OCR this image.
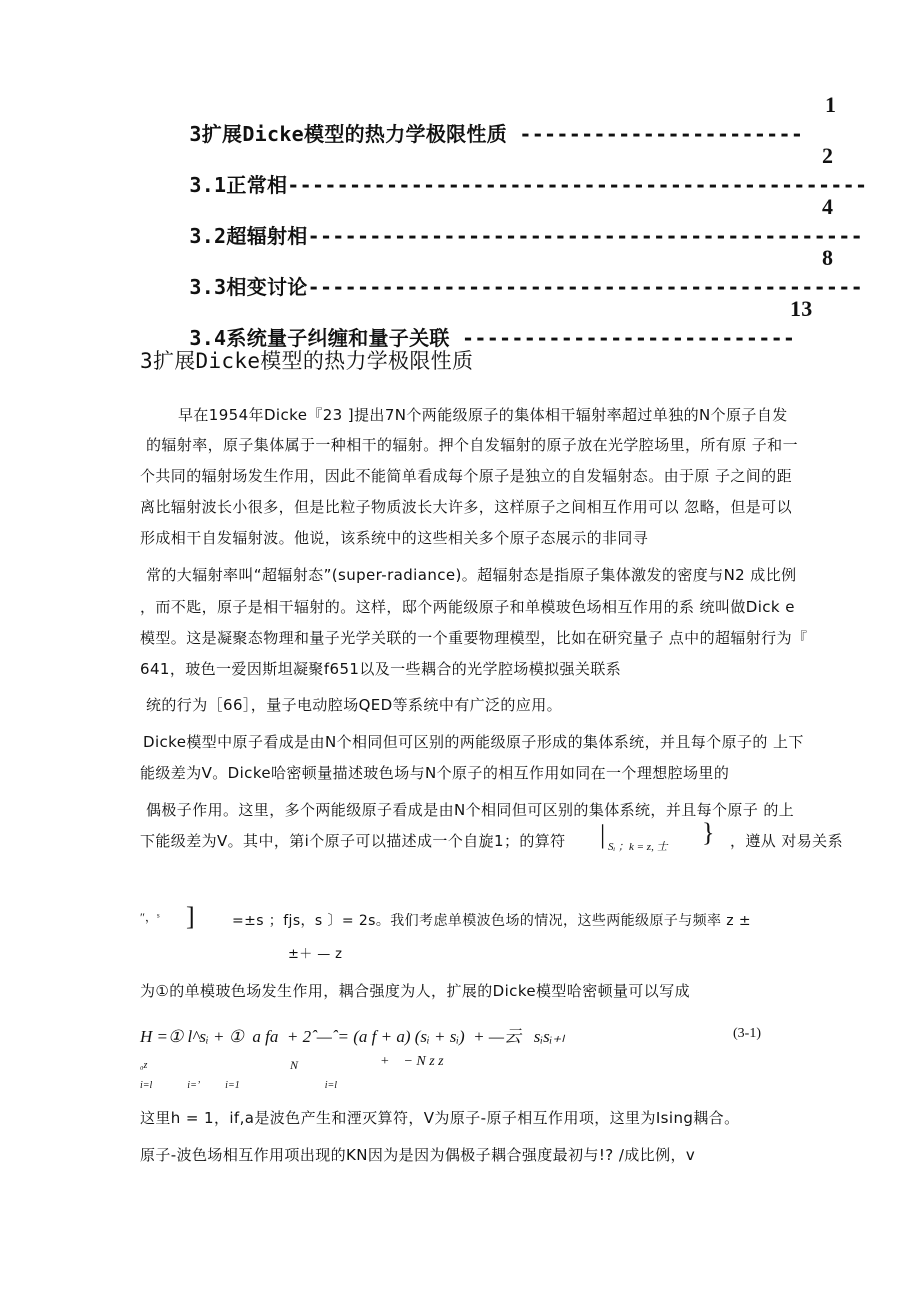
3扩展Dicke模型的热力学极限性质 -----------------------
1

3.1正常相-----------------------------------------------
2

3.2超辐射相---------------------------------------------
4

3.3相变讨论---------------------------------------------
8

3.4系统量子纠缠和量子关联 ---------------------------
13

3扩展Dicke模型的热力学极限性质
早在1954年Dicke『23 ]提出7N个两能级原子的集体相干辐射率超过单独的N个原子自发
的辐射率，原子集体属于一种相干的辐射。押个自发辐射的原子放在光学腔场里，所有原 子和一
个共同的辐射场发生作用，因此不能简单看成每个原子是独立的自发辐射态。由于原 子之间的距
离比辐射波长小很多，但是比粒子物质波长大许多，这样原子之间相互作用可以 忽略，但是可以
形成相干自发辐射波。他说，该系统中的这些相关多个原子态展示的非同寻
常的大辐射率叫“超辐射态”(super-radiance)。超辐射态是指原子集体激发的密度与N2 成比例
，而不匙，原子是相干辐射的。这样，邸个两能级原子和单模玻色场相互作用的系 统叫做Dick e
模型。这是凝聚态物理和量子光学关联的一个重要物理模型，比如在研究量子 点中的超辐射行为『
641，玻色一爱因斯坦凝聚f651以及一些耦合的光学腔场模拟强关联系
统的行为［66］，量子电动腔场QED等系统中有广泛的应用。
Dicke模型中原子看成是由N个相同但可区别的两能级原子形成的集体系统，并且每个原子的 上下
能级差为V。Dicke哈密顿量描述玻色场与N个原子的相互作用如同在一个理想腔场里的
偶极子作用。这里，多个两能级原子看成是由N个相同但可区别的集体系统，并且每个原子 的上
下能级差为V。其中，第i个原子可以描述成一个自旋1；的算符	| Sᵢ ；k = z, 士 } ，遵从 对易关系
″，ˢ ]	=±s ；fjs，s 〕= 2s。我们考虑单模波色场的情况，这些两能级原子与频率 z ±
±＋ — z
为①的单模玻色场发生作用，耦合强度为人，扩展的Dicke模型哈密顿量可以写成
H =① l^sᵢ + ①  a fa  + 2ˆ—ˆ= (a f + a) (sᵢ + sᵢ)  + —云   sᵢsᵢ₊ₗ	(3-1)
₀z	N	+    − N z z
i=l              i=ʼ          i=1                                  i=l
这里h = 1，if,a是波色产生和湮灭算符，V为原子-原子相互作用项，这里为Ising耦合。
原子-波色场相互作用项出现的KN因为是因为偶极子耦合强度最初与!? /成比例，v
